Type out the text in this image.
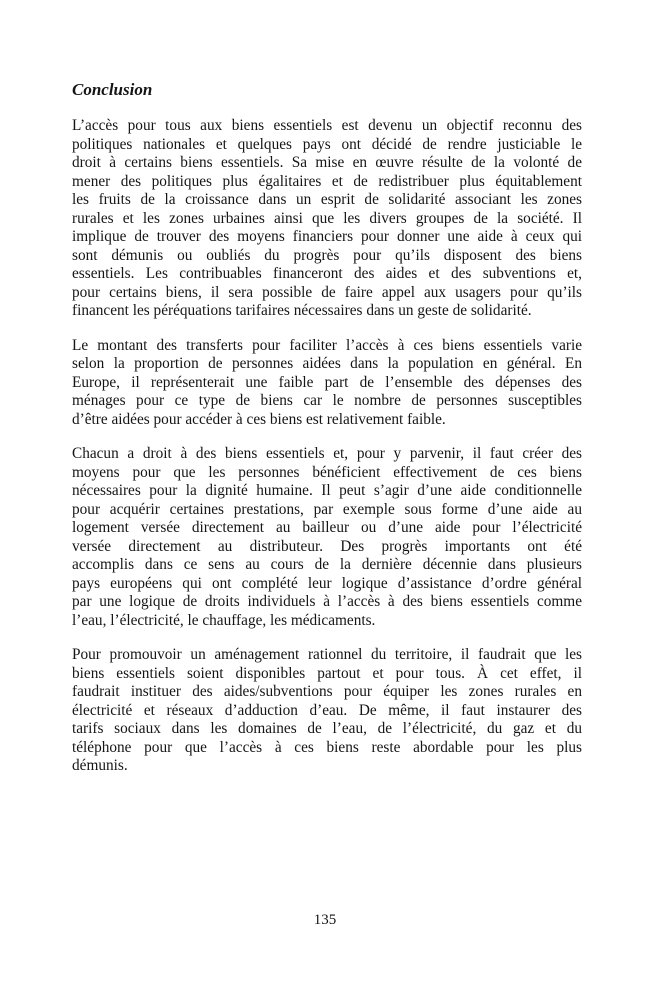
Conclusion

L’accès pour tous aux biens essentiels est devenu un objectif reconnu des
politiques nationales et quelques pays ont décidé de rendre justiciable le
droit à certains biens essentiels. Sa mise en œuvre résulte de la volonté de
mener des politiques plus égalitaires et de redistribuer plus équitablement
les fruits de la croissance dans un esprit de solidarité associant les zones
rurales et les zones urbaines ainsi que les divers groupes de la société. Il
implique de trouver des moyens financiers pour donner une aide à ceux qui
sont démunis ou oubliés du progrès pour qu’ils disposent des biens
essentiels. Les contribuables financeront des aides et des subventions et,
pour certains biens, il sera possible de faire appel aux usagers pour qu’ils
financent les péréquations tarifaires nécessaires dans un geste de solidarité.

Le montant des transferts pour faciliter l’accès à ces biens essentiels varie
selon la proportion de personnes aidées dans la population en général. En
Europe, il représenterait une faible part de l’ensemble des dépenses des
ménages pour ce type de biens car le nombre de personnes susceptibles
d’être aidées pour accéder à ces biens est relativement faible.

Chacun a droit à des biens essentiels et, pour y parvenir, il faut créer des
moyens pour que les personnes bénéficient effectivement de ces biens
nécessaires pour la dignité humaine. Il peut s’agir d’une aide conditionnelle
pour acquérir certaines prestations, par exemple sous forme d’une aide au
logement versée directement au bailleur ou d’une aide pour l’électricité
versée directement au distributeur. Des progrès importants ont été
accomplis dans ce sens au cours de la dernière décennie dans plusieurs
pays européens qui ont complété leur logique d’assistance d’ordre général
par une logique de droits individuels à l’accès à des biens essentiels comme
l’eau, l’électricité, le chauffage, les médicaments.

Pour promouvoir un aménagement rationnel du territoire, il faudrait que les
biens essentiels soient disponibles partout et pour tous. À cet effet, il
faudrait instituer des aides/subventions pour équiper les zones rurales en
électricité et réseaux d’adduction d’eau. De même, il faut instaurer des
tarifs sociaux dans les domaines de l’eau, de l’électricité, du gaz et du
téléphone pour que l’accès à ces biens reste abordable pour les plus
démunis.

135
